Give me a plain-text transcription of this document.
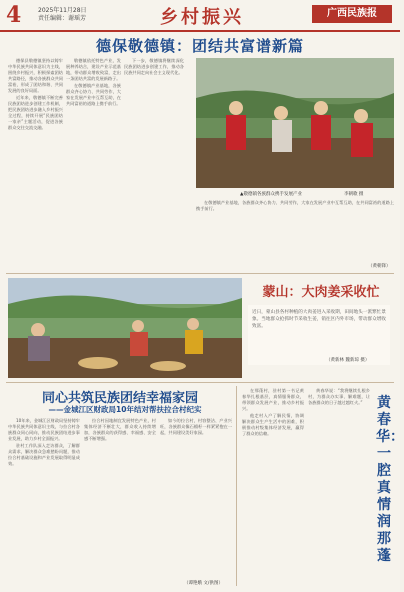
4	2025年11月28日
责任编辑：谢瑶芳	乡村振兴	广西民族报
德保敬德镇：团结共富谱新篇

德保县敬德镇坚持以铸牢中华民族共同体意识为主线，围绕乡村振兴，积极探索团结共富路径，推动各族群众共同富裕，形成了团结和谐、共同发展的良好局面。

近年来，敬德镇不断完善民族团结进步创建工作机制，把民族团结进步融入乡村振兴全过程，持续开展“民族团结一家亲”主题活动，促进各族群众交往交流交融。

敬德镇依托特色产业，发展种养结合，建设产业示范基地，带动群众增收致富，走出一条团结共富的发展新路子。

在敬德镇产业基地，各族群众齐心协力、共同劳作，大家在发展产业中互帮互助，在共同富裕的道路上携手前行。

下一步，敬德镇将继续深化民族团结进步创建工作，推动各民族共同走向社会主义现代化。

▲敬德镇各族群众携手发展产业	李朝歌 摄

在敬德镇产业基地，各族群众齐心协力、共同劳作，大家在发展产业中互帮互助，在共同富裕的道路上携手前行。

（黄朝锋）
蒙山：大肉姜采收忙
近日，蒙山县各村种植的大肉姜进入采收期，田间地头一派繁忙景象。当地群众抢抓时节采收生姜，销往区内外市场，带动群众增收致富。
（黄新林 魏新琼 摄）
同心共筑民族团结幸福家园
——金城江区财政局10年结对帮扶拉合村纪实

10年来，金城江区财政局坚持铸牢中华民族共同体意识主线，与拉合村各族群众同心同向，推动民族团结进步事业发展，助力乡村全面振兴。

驻村工作队深入走访群众，了解群众需求，解决群众急难愁盼问题，推动拉合村基础设施和产业发展取得明显成效。

拉合村因地制宜发展特色产业，村集体经济不断壮大，群众收入持续增加，各族群众的获得感、幸福感、安全感不断增强。

如今的拉合村，村容整洁、产业兴旺，各族群众像石榴籽一样紧紧抱在一起，共同建设美好家园。

（谭艳娥 文/供图）

在那蓬村，驻村第一书记黄春华扎根基层，真情服务群众，带领群众发展产业，推动乡村振兴。

他走村入户了解民情，协调解决群众生产生活中的困难，积极推动村级集体经济发展，赢得了群众的信赖。

黄春华说：“我将继续扎根乡村，为群众办实事、解难题，让各族群众的日子越过越红火。”	黄春华：一腔真情润那蓬
